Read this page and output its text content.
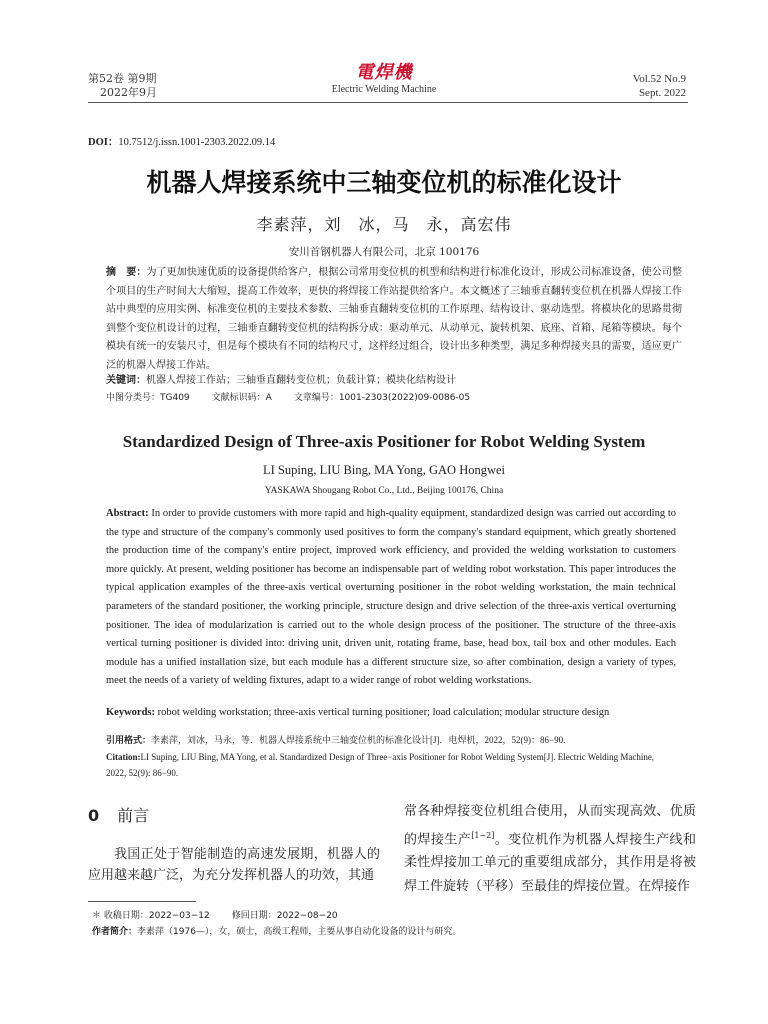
第52卷 第9期
2022年9月
電焊機
Electric Welding Machine
Vol.52 No.9
Sept. 2022
DOI：10.7512/j.issn.1001-2303.2022.09.14
机器人焊接系统中三轴变位机的标准化设计
李素萍，刘　冰，马　永，高宏伟
安川首钢机器人有限公司，北京 100176
摘　要：为了更加快速优质的设备提供给客户，根据公司常用变位机的机型和结构进行标准化设计，形成公司标准设备，使公司整个项目的生产时间大大缩短，提高工作效率，更快的将焊接工作站提供给客户。本文概述了三轴垂直翻转变位机在机器人焊接工作站中典型的应用实例、标准变位机的主要技术参数、三轴垂直翻转变位机的工作原理、结构设计、驱动选型。将模块化的思路贯彻到整个变位机设计的过程，三轴垂直翻转变位机的结构拆分成：驱动单元、从动单元、旋转机架、底座、首箱、尾箱等模块。每个模块有统一的安装尺寸，但是每个模块有不同的结构尺寸，这样经过组合，设计出多种类型，满足多种焊接夹具的需要，适应更广泛的机器人焊接工作站。
关键词：机器人焊接工作站；三轴垂直翻转变位机；负载计算；模块化结构设计
中图分类号：TG409 文献标识码：A 文章编号：1001-2303(2022)09-0086-05
Standardized Design of Three-axis Positioner for Robot Welding System
LI Suping, LIU Bing, MA Yong, GAO Hongwei
YASKAWA Shougang Robot Co., Ltd., Beijing 100176, China
Abstract: In order to provide customers with more rapid and high-quality equipment, standardized design was carried out according to the type and structure of the company's commonly used positives to form the company's standard equipment, which greatly shortened the production time of the company's entire project, improved work efficiency, and provided the welding workstation to customers more quickly. At present, welding positioner has become an indispensable part of welding robot workstation. This paper introduces the typical application examples of the three-axis vertical overturning positioner in the robot welding workstation, the main technical parameters of the standard positioner, the working principle, structure design and drive selection of the three-axis vertical overturning positioner. The idea of modularization is carried out to the whole design process of the positioner. The structure of the three-axis vertical turning positioner is divided into: driving unit, driven unit, rotating frame, base, head box, tail box and other modules. Each module has a unified installation size, but each module has a different structure size, so after combination, design a variety of types, meet the needs of a variety of welding fixtures, adapt to a wider range of robot welding workstations.
Keywords: robot welding workstation; three-axis vertical turning positioner; load calculation; modular structure design
引用格式：李素萍，刘冰，马永，等．机器人焊接系统中三轴变位机的标准化设计[J]．电焊机，2022，52(9)：86−90.
Citation:LI Suping, LIU Bing, MA Yong, et al. Standardized Design of Three−axis Positioner for Robot Welding System[J]. Electric Welding Machine, 2022, 52(9): 86−90.
0 前言
我国正处于智能制造的高速发展期，机器人的应用越来越广泛，为充分发挥机器人的功效，其通
常各种焊接变位机组合使用，从而实现高效、优质的焊接生产[1−2]。变位机作为机器人焊接生产线和柔性焊接加工单元的重要组成部分，其作用是将被焊工件旋转（平移）至最佳的焊接位置。在焊接作
＊ 收稿日期：2022−03−12 修回日期：2022−08−20
作者简介：李素萍（1976—），女，硕士，高级工程师，主要从事自动化设备的设计与研究。
